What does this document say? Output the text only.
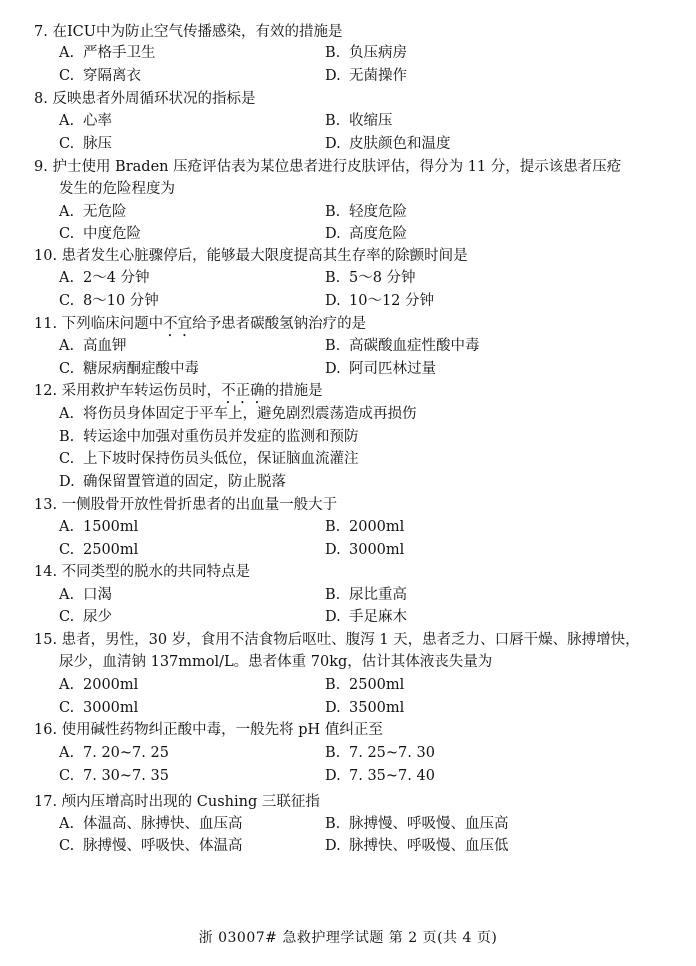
7. 在ICU中为防止空气传播感染，有效的措施是
A. 严格手卫生	B. 负压病房
C. 穿隔离衣	D. 无菌操作
8. 反映患者外周循环状况的指标是
A. 心率	B. 收缩压
C. 脉压	D. 皮肤颜色和温度
9. 护士使用 Braden 压疮评估表为某位患者进行皮肤评估，得分为 11 分，提示该患者压疮
发生的危险程度为
A. 无危险	B. 轻度危险
C. 中度危险	D. 高度危险
10. 患者发生心脏骤停后，能够最大限度提高其生存率的除颤时间是
A. 2～4 分钟	B. 5～8 分钟
C. 8～10 分钟	D. 10～12 分钟
11. 下列临床问题中不宜给予患者碳酸氢钠治疗的是
A. 高血钾	B. 高碳酸血症性酸中毒
C. 糖尿病酮症酸中毒	D. 阿司匹林过量
12. 采用救护车转运伤员时，不正确的措施是
A. 将伤员身体固定于平车上，避免剧烈震荡造成再损伤
B. 转运途中加强对重伤员并发症的监测和预防
C. 上下坡时保持伤员头低位，保证脑血流灌注
D. 确保留置管道的固定，防止脱落
13. 一侧股骨开放性骨折患者的出血量一般大于
A. 1500ml	B. 2000ml
C. 2500ml	D. 3000ml
14. 不同类型的脱水的共同特点是
A. 口渴	B. 尿比重高
C. 尿少	D. 手足麻木
15. 患者，男性，30 岁，食用不洁食物后呕吐、腹泻 1 天，患者乏力、口唇干燥、脉搏增快，
尿少，血清钠 137mmol/L。患者体重 70kg，估计其体液丧失量为
A. 2000ml	B. 2500ml
C. 3000ml	D. 3500ml
16. 使用碱性药物纠正酸中毒，一般先将 pH 值纠正至
A. 7. 20~7. 25	B. 7. 25~7. 30
C. 7. 30~7. 35	D. 7. 35~7. 40
17. 颅内压增高时出现的 Cushing 三联征指
A. 体温高、脉搏快、血压高	B. 脉搏慢、呼吸慢、血压高
C. 脉搏慢、呼吸快、体温高	D. 脉搏快、呼吸慢、血压低
浙 03007# 急救护理学试题 第 2 页(共 4 页)
